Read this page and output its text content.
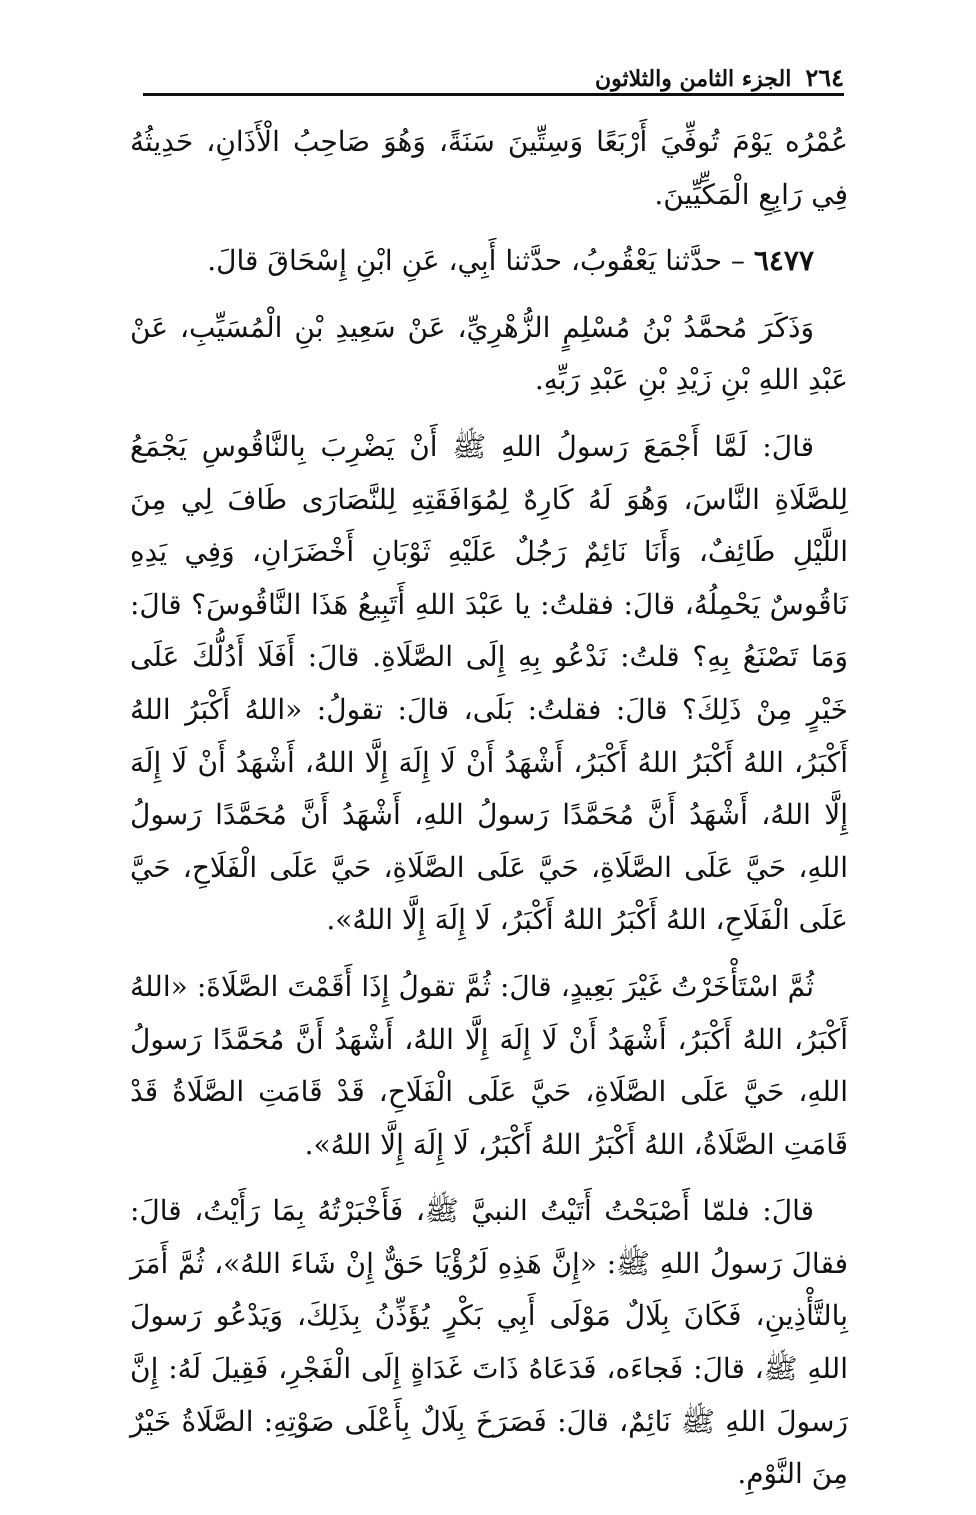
٢٦٤
الجزء الثامن والثلاثون

عُمْرُه يَوْمَ تُوفِّيَ أَرْبَعًا وَسِتِّينَ سَنَةً، وَهُوَ صَاحِبُ الْأَذَانِ، حَدِيثُهُ فِي رَابِعِ الْمَكِّيِّينَ.

٦٤٧٧ – حدَّثنا يَعْقُوبُ، حدَّثنا أَبِي، عَنِ ابْنِ إِسْحَاقَ قالَ.

وَذَكَرَ مُحمَّدُ بْنُ مُسْلِمٍ الزُّهْرِيِّ، عَنْ سَعِيدِ بْنِ الْمُسَيِّبِ، عَنْ عَبْدِ اللهِ بْنِ زَيْدِ بْنِ عَبْدِ رَبِّهِ.

قالَ: لَمَّا أَجْمَعَ رَسولُ اللهِ ﷺ أَنْ يَضْرِبَ بِالنَّاقُوسِ يَجْمَعُ لِلصَّلَاةِ النَّاسَ، وَهُوَ لَهُ كَارِهٌ لِمُوَافَقَتِهِ لِلنَّصَارَى طَافَ لِي مِنَ اللَّيْلِ طَائِفٌ، وَأَنَا نَائِمٌ رَجُلٌ عَلَيْهِ ثَوْبَانِ أَخْضَرَانِ، وَفِي يَدِهِ نَاقُوسٌ يَحْمِلُهُ، قالَ: فقلتُ: يا عَبْدَ اللهِ أَتَبِيعُ هَذَا النَّاقُوسَ؟ قالَ: وَمَا تَصْنَعُ بِهِ؟ قلتُ: نَدْعُو بِهِ إِلَى الصَّلَاةِ. قالَ: أَفَلَا أَدُلُّكَ عَلَى خَيْرٍ مِنْ ذَلِكَ؟ قالَ: فقلتُ: بَلَى، قالَ: تقولُ: «اللهُ أَكْبَرُ اللهُ أَكْبَرُ، اللهُ أَكْبَرُ اللهُ أَكْبَرُ، أَشْهَدُ أَنْ لَا إِلَهَ إِلَّا اللهُ، أَشْهَدُ أَنْ لَا إِلَهَ إِلَّا اللهُ، أَشْهَدُ أَنَّ مُحَمَّدًا رَسولُ اللهِ، أَشْهَدُ أَنَّ مُحَمَّدًا رَسولُ اللهِ، حَيَّ عَلَى الصَّلَاةِ، حَيَّ عَلَى الصَّلَاةِ، حَيَّ عَلَى الْفَلَاحِ، حَيَّ عَلَى الْفَلَاحِ، اللهُ أَكْبَرُ اللهُ أَكْبَرُ، لَا إِلَهَ إِلَّا اللهُ».

ثُمَّ اسْتَأْخَرْتُ غَيْرَ بَعِيدٍ، قالَ: ثُمَّ تقولُ إِذَا أَقَمْتَ الصَّلَاةَ: «اللهُ أَكْبَرُ، اللهُ أَكْبَرُ، أَشْهَدُ أَنْ لَا إِلَهَ إِلَّا اللهُ، أَشْهَدُ أَنَّ مُحَمَّدًا رَسولُ اللهِ، حَيَّ عَلَى الصَّلَاةِ، حَيَّ عَلَى الْفَلَاحِ، قَدْ قَامَتِ الصَّلَاةُ قَدْ قَامَتِ الصَّلَاةُ، اللهُ أَكْبَرُ اللهُ أَكْبَرُ، لَا إِلَهَ إِلَّا اللهُ».

قالَ: فلمّا أَصْبَحْتُ أَتَيْتُ النبيَّ ﷺ، فَأَخْبَرْتُهُ بِمَا رَأَيْتُ، قالَ: فقالَ رَسولُ اللهِ ﷺ: «إِنَّ هَذِهِ لَرُؤْيَا حَقٌّ إِنْ شَاءَ اللهُ»، ثُمَّ أَمَرَ بِالتَّأْذِينِ، فَكَانَ بِلَالٌ مَوْلَى أَبِي بَكْرٍ يُؤَذِّنُ بِذَلِكَ، وَيَدْعُو رَسولَ اللهِ ﷺ، قالَ: فَجاءَه، فَدَعَاهُ ذَاتَ غَدَاةٍ إِلَى الْفَجْرِ، فَقِيلَ لَهُ: إِنَّ رَسولَ اللهِ ﷺ نَائِمٌ، قالَ: فَصَرَخَ بِلَالٌ بِأَعْلَى صَوْتِهِ: الصَّلَاةُ خَيْرٌ مِنَ النَّوْمِ.
